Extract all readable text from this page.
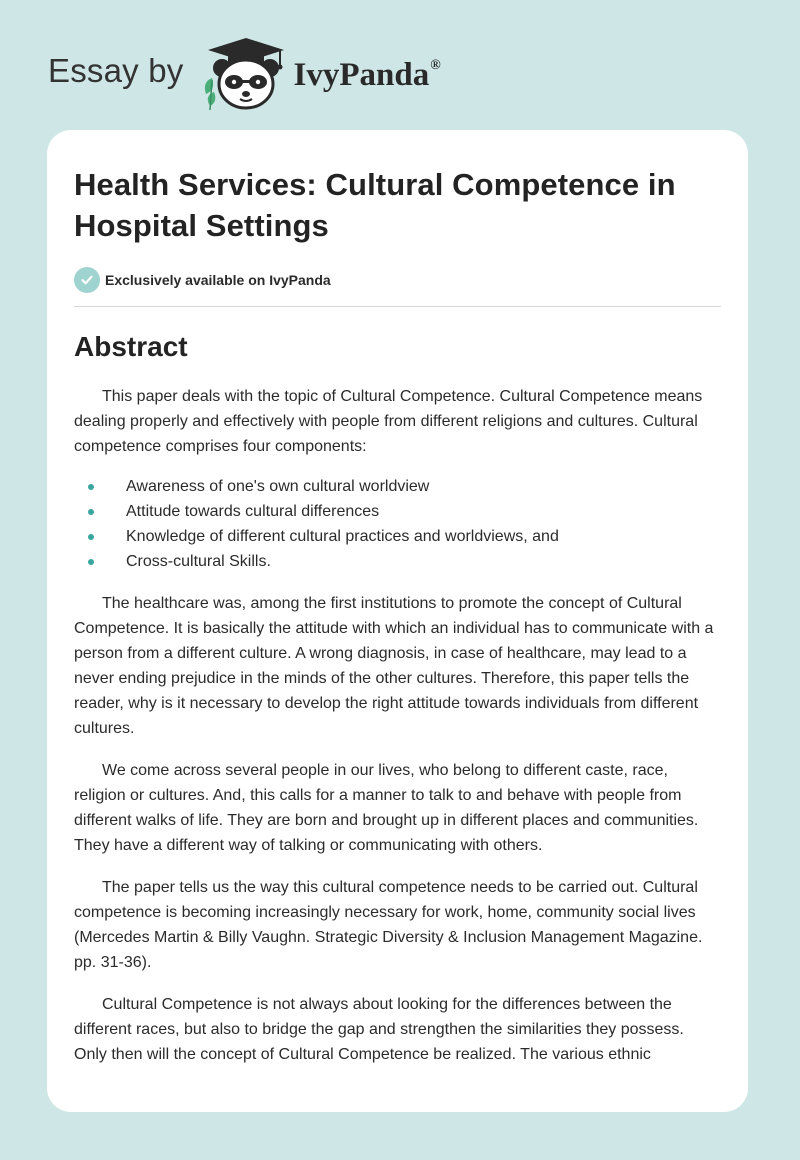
Essay by	IvyPanda®
Health Services: Cultural Competence in Hospital Settings
Exclusively available on IvyPanda
Abstract

This paper deals with the topic of Cultural Competence. Cultural Competence means dealing properly and effectively with people from different religions and cultures. Cultural competence comprises four components:

Awareness of one's own cultural worldview
Attitude towards cultural differences
Knowledge of different cultural practices and worldviews, and
Cross-cultural Skills.

The healthcare was, among the first institutions to promote the concept of Cultural Competence. It is basically the attitude with which an individual has to communicate with a person from a different culture. A wrong diagnosis, in case of healthcare, may lead to a never ending prejudice in the minds of the other cultures. Therefore, this paper tells the reader, why is it necessary to develop the right attitude towards individuals from different cultures.

We come across several people in our lives, who belong to different caste, race, religion or cultures. And, this calls for a manner to talk to and behave with people from different walks of life. They are born and brought up in different places and communities. They have a different way of talking or communicating with others.

The paper tells us the way this cultural competence needs to be carried out. Cultural competence is becoming increasingly necessary for work, home, community social lives (Mercedes Martin & Billy Vaughn. Strategic Diversity & Inclusion Management Magazine. pp. 31-36).

Cultural Competence is not always about looking for the differences between the different races, but also to bridge the gap and strengthen the similarities they possess. Only then will the concept of Cultural Competence be realized. The various ethnic
